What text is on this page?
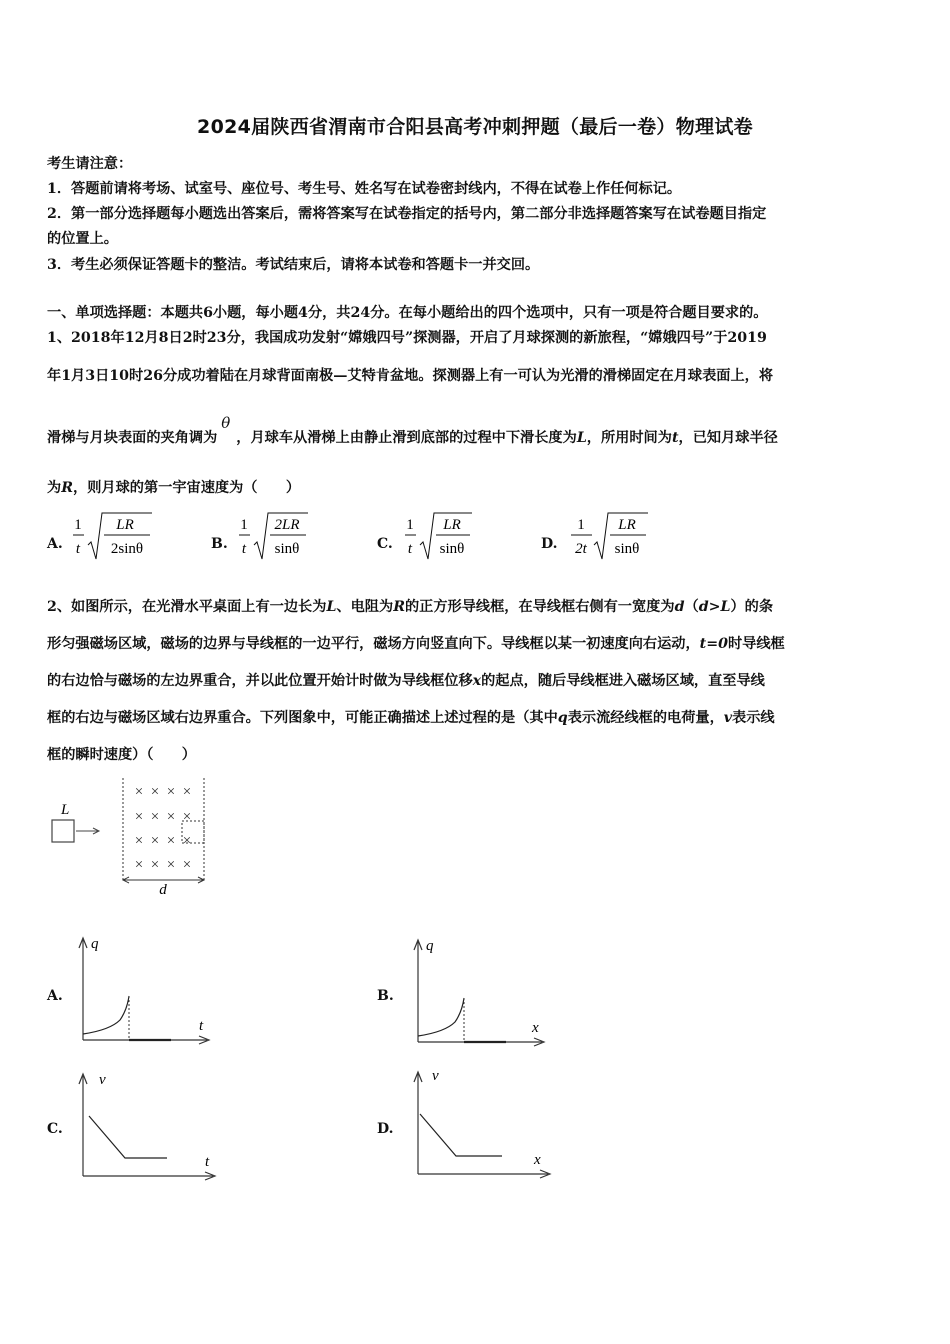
2024届陕西省渭南市合阳县高考冲刺押题（最后一卷）物理试卷
考生请注意：
1．答题前请将考场、试室号、座位号、考生号、姓名写在试卷密封线内，不得在试卷上作任何标记。
2．第一部分选择题每小题选出答案后，需将答案写在试卷指定的括号内，第二部分非选择题答案写在试卷题目指定
的位置上。
3．考生必须保证答题卡的整洁。考试结束后，请将本试卷和答题卡一并交回。
一、单项选择题：本题共6小题，每小题4分，共24分。在每小题给出的四个选项中，只有一项是符合题目要求的。
1、2018年12月8日2时23分，我国成功发射“嫦娥四号”探测器，开启了月球探测的新旅程，“嫦娥四号”于2019
年1月3日10时26分成功着陆在月球背面南极—艾特肯盆地。探测器上有一可认为光滑的滑梯固定在月球表面上，将
滑梯与月块表面的夹角调为θ，月球车从滑梯上由静止滑到底部的过程中下滑长度为L，所用时间为t，已知月球半径
为R，则月球的第一宇宙速度为（　　）
A.
1
t
LR
2sinθ	B.
1
t
2LR
sinθ	C.
1
t
LR
sinθ	D.
1
2t
LR
sinθ
2、如图所示，在光滑水平桌面上有一边长为L、电阻为R的正方形导线框，在导线框右侧有一宽度为d（d>L）的条
形匀强磁场区域，磁场的边界与导线框的一边平行，磁场方向竖直向下。导线框以某一初速度向右运动，t=0时导线框
的右边恰与磁场的左边界重合，并以此位置开始计时做为导线框位移x的起点，随后导线框进入磁场区域，直至导线
框的右边与磁场区域右边界重合。下列图象中，可能正确描述上述过程的是（其中q表示流经线框的电荷量，v表示线
框的瞬时速度）（　　）
L
× × × ×
× × × ×
× × × ×
× × × ×
d
A.
q
t
B.
q
x
C.
v
t
D.
v
x
